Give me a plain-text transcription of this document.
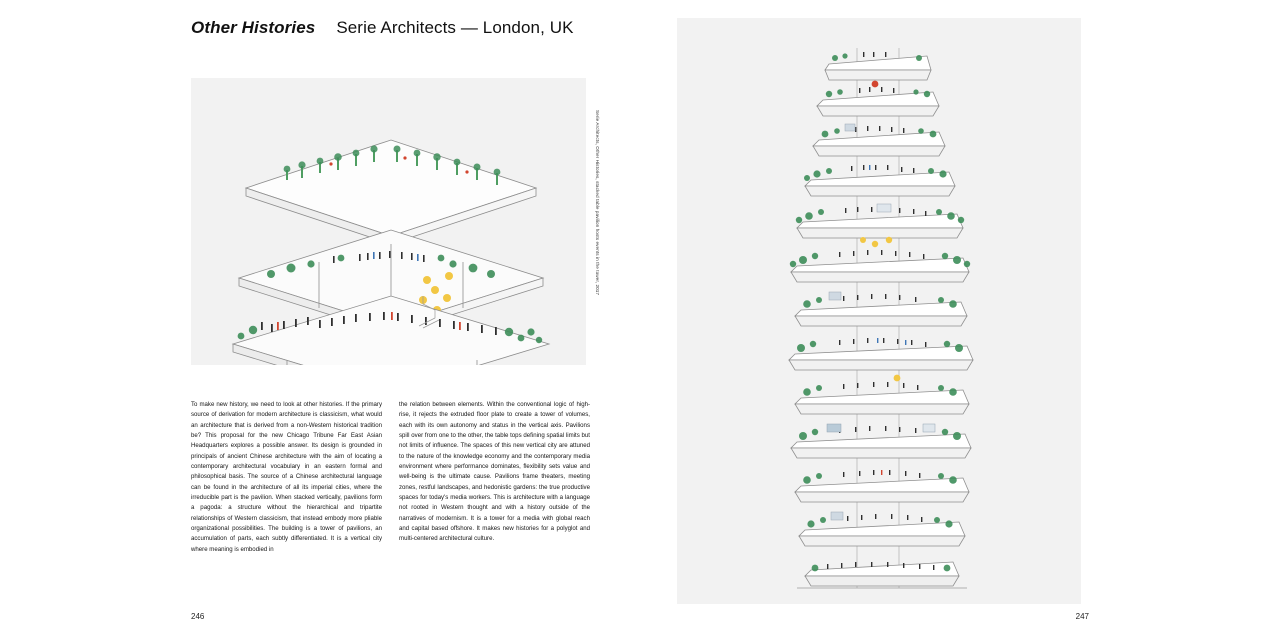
Other Histories Serie Architects — London, UK
Serie Architects, Other Histories, stacked table pavilion hosts events in the tower, 2017
To make new history, we need to look at other histories. If the primary source of derivation for modern architecture is classicism, what would an architecture that is derived from a non-Western historical tradition be? This proposal for the new Chicago Tribune Far East Asian Headquarters explores a possible answer. Its design is grounded in principals of ancient Chinese architecture with the aim of locating a contemporary architectural vocabulary in an eastern formal and philosophical basis. The source of a Chinese architectural language can be found in the architecture of all its imperial cities, where the irreducible part is the pavilion. When stacked vertically, pavilions form a pagoda: a structure without the hierarchical and tripartite relationships of Western classicism, that instead embody more pliable organizational possibilities. The building is a tower of pavilions, an accumulation of parts, each subtly differentiated. It is a vertical city where meaning is embodied in
the relation between elements. Within the conventional logic of high-rise, it rejects the extruded floor plate to create a tower of volumes, each with its own autonomy and status in the vertical axis. Pavilions spill over from one to the other, the table tops defining spatial limits but not limits of influence. The spaces of this new vertical city are attuned to the nature of the knowledge economy and the contemporary media environment where performance dominates, flexibility sets value and well-being is the ultimate cause. Pavilions frame theaters, meeting zones, restful landscapes, and hedonistic gardens: the true productive spaces for today's media workers. This is architecture with a language not rooted in Western thought and with a history outside of the narratives of modernism. It is a tower for a media with global reach and capital based offshore. It makes new histories for a polyglot and multi-centered architectural culture.
246	247
